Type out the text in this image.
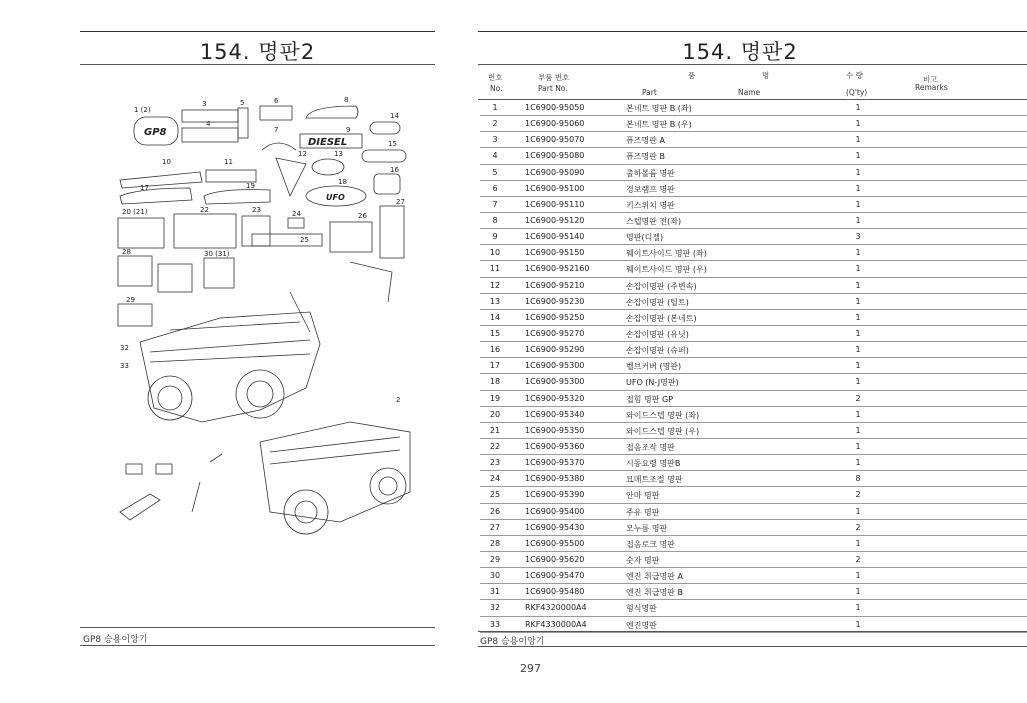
154. 명판2
GP8
DIESEL
UFO
1 (2)
3	5	6	8
14
4
7	9
15
10	11
12	13
16
17
18
19
20 (21)	22	23	24
25
26
27
28
29
30 (31)
2
32
33
GP8 승용이앙기
154. 명판2
번호
No.
부품 번호
Part No.
품	명
Part	Name
수 량
(Q'ty)
비고
Remarks
1	1C6900-95050	본네트 명판 B (좌)	1
2	1C6900-95060	본네트 명판 B (우)	1
3	1C6900-95070	퓨즈명판 A	1
4	1C6900-95080	퓨즈명판 B	1
5	1C6900-95090	출하볼륨 명판	1
6	1C6900-95100	경보램프 명판	1
7	1C6900-95110	키스위치 명판	1
8	1C6900-95120	스텝명판 전(좌)	1
9	1C6900-95140	명판(디젤)	3
10	1C6900-95150	웨이트사이드 명판 (좌)	1
11	1C6900-952160	웨이트사이드 명판 (우)	1
12	1C6900-95210	손잡이명판 (주변속)	1
13	1C6900-95230	손잡이명판 (틸트)	1
14	1C6900-95250	손잡이명판 (본네트)	1
15	1C6900-95270	손잡이명판 (유닛)	1
16	1C6900-95290	손잡이명판 (슈퍼)	1
17	1C6900-95300	벨브커버 (명판)	1
18	1C6900-95300	UFO (N-J명판)	1
19	1C6900-95320	접힘 명판 GP	2
20	1C6900-95340	와이드스텝 명판 (좌)	1
21	1C6900-95350	와이드스텝 명판 (우)	1
22	1C6900-95360	접음조작 명판	1
23	1C6900-95370	시동요령 명판B	1
24	1C6900-95380	묘매트조절 명판	8
25	1C6900-95390	안마 명판	2
26	1C6900-95400	주유 명판	1
27	1C6900-95430	모누름 명판	2
28	1C6900-95500	접음로크 명판	1
29	1C6900-95620	숫자 명판	2
30	1C6900-95470	엔진 취급명판 A	1
31	1C6900-95480	엔진 취급명판 B	1
32	RKF4320000A4	형식명판	1
33	RKF4330000A4	엔진명판	1
GP8 승용이앙기
297
